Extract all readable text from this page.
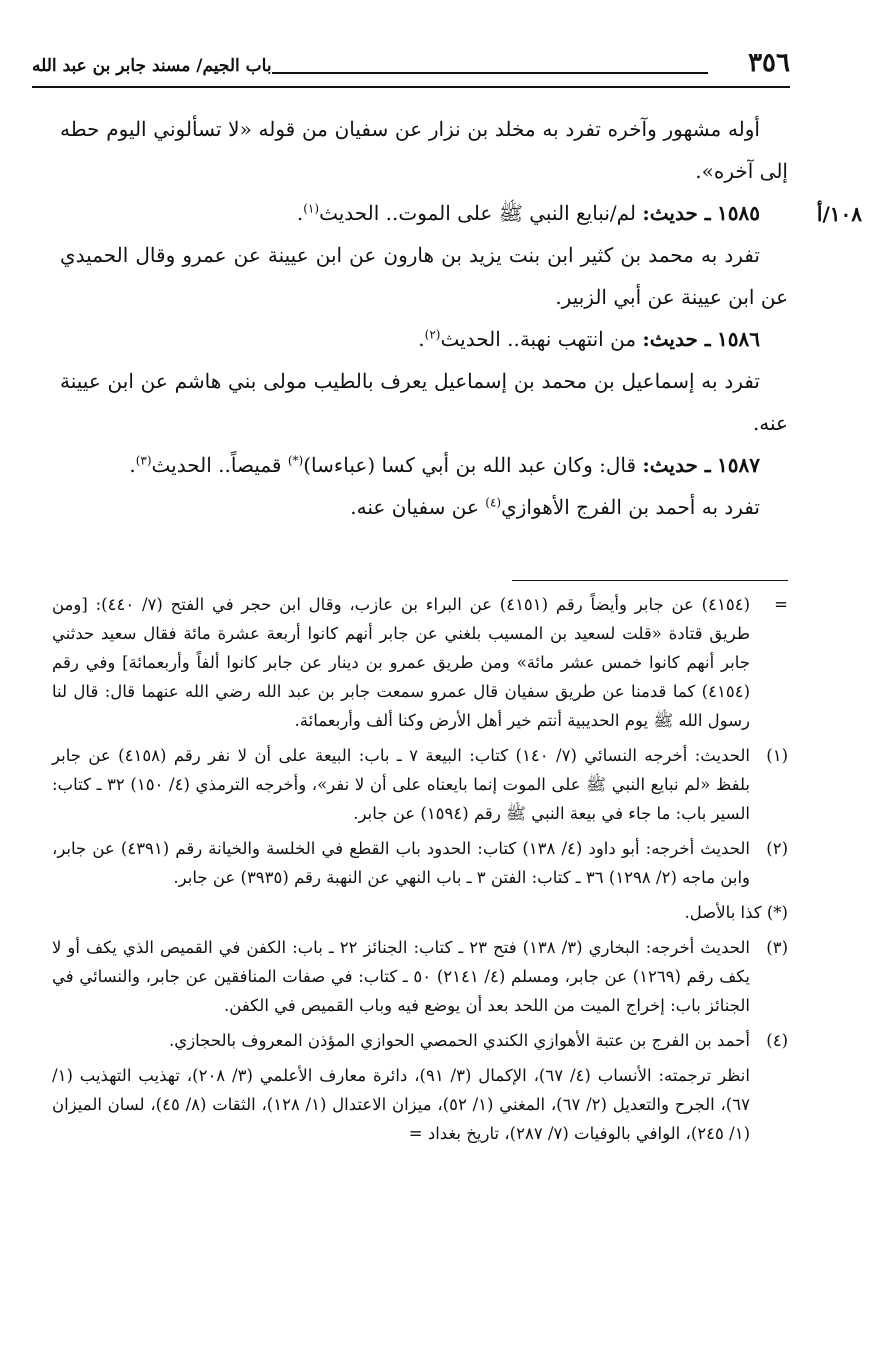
٣٥٦
باب الجيم/ مسند جابر بن عبد الله
١٠٨/أ

أوله مشهور وآخره تفرد به مخلد بن نزار عن سفيان من قوله «لا تسألوني اليوم حطه إلى آخره».

١٥٨٥ ـ حديث: لم/نبايع النبي ﷺ على الموت.. الحديث$^{(١)}$.

تفرد به محمد بن كثير ابن بنت يزيد بن هارون عن ابن عيينة عن عمرو وقال الحميدي عن ابن عيينة عن أبي الزبير.

١٥٨٦ ـ حديث: من انتهب نهبة.. الحديث$^{(٢)}$.

تفرد به إسماعيل بن محمد بن إسماعيل يعرف بالطيب مولى بني هاشم عن ابن عيينة عنه.

١٥٨٧ ـ حديث: قال: وكان عبد الله بن أبي كسا (عباءسا)(*) قميصاً.. الحديث$^{(٣)}$.

تفرد به أحمد بن الفرج الأهوازي$^{(٤)}$ عن سفيان عنه.

=
(٤١٥٤) عن جابر وأيضاً رقم (٤١٥١) عن البراء بن عازب، وقال ابن حجر في الفتح (٧/ ٤٤٠): [ومن طريق قتادة «قلت لسعيد بن المسيب بلغني عن جابر أنهم كانوا أربعة عشرة مائة فقال سعيد حدثني جابر أنهم كانوا خمس عشر مائة» ومن طريق عمرو بن دينار عن جابر كانوا ألفاً وأربعمائة] وفي رقم (٤١٥٤) كما قدمنا عن طريق سفيان قال عمرو سمعت جابر بن عبد الله رضي الله عنهما قال: قال لنا رسول الله ﷺ يوم الحديبية أنتم خير أهل الأرض وكنا ألف وأربعمائة.

(١)
الحديث: أخرجه النسائي (٧/ ١٤٠) كتاب: البيعة ٧ ـ باب: البيعة على أن لا نفر رقم (٤١٥٨) عن جابر بلفظ «لم نبايع النبي ﷺ على الموت إنما بايعناه على أن لا نفر»، وأخرجه الترمذي (٤/ ١٥٠) ٣٢ ـ كتاب: السير باب: ما جاء في بيعة النبي ﷺ رقم (١٥٩٤) عن جابر.

(٢)
الحديث أخرجه: أبو داود (٤/ ١٣٨) كتاب: الحدود باب القطع في الخلسة والخيانة رقم (٤٣٩١) عن جابر، وابن ماجه (٢/ ١٢٩٨) ٣٦ ـ كتاب: الفتن ٣ ـ باب النهي عن النهبة رقم (٣٩٣٥) عن جابر.

(*) كذا بالأصل.

(٣)
الحديث أخرجه: البخاري (٣/ ١٣٨) فتح ٢٣ ـ كتاب: الجنائز ٢٢ ـ باب: الكفن في القميص الذي يكف أو لا يكف رقم (١٢٦٩) عن جابر، ومسلم (٤/ ٢١٤١) ٥٠ ـ كتاب: في صفات المنافقين عن جابر، والنسائي في الجنائز باب: إخراج الميت من اللحد بعد أن يوضع فيه وباب القميص في الكفن.

(٤)
أحمد بن الفرج بن عتبة الأهوازي الكندي الحمصي الحوازي المؤذن المعروف بالحجازي.

انظر ترجمته: الأنساب (٤/ ٦٧)، الإكمال (٣/ ٩١)، دائرة معارف الأعلمي (٣/ ٢٠٨)، تهذيب التهذيب (١/ ٦٧)، الجرح والتعديل (٢/ ٦٧)، المغني (١/ ٥٢)، ميزان الاعتدال (١/ ١٢٨)، الثقات (٨/ ٤٥)، لسان الميزان (١/ ٢٤٥)، الوافي بالوفيات (٧/ ٢٨٧)، تاريخ بغداد =
